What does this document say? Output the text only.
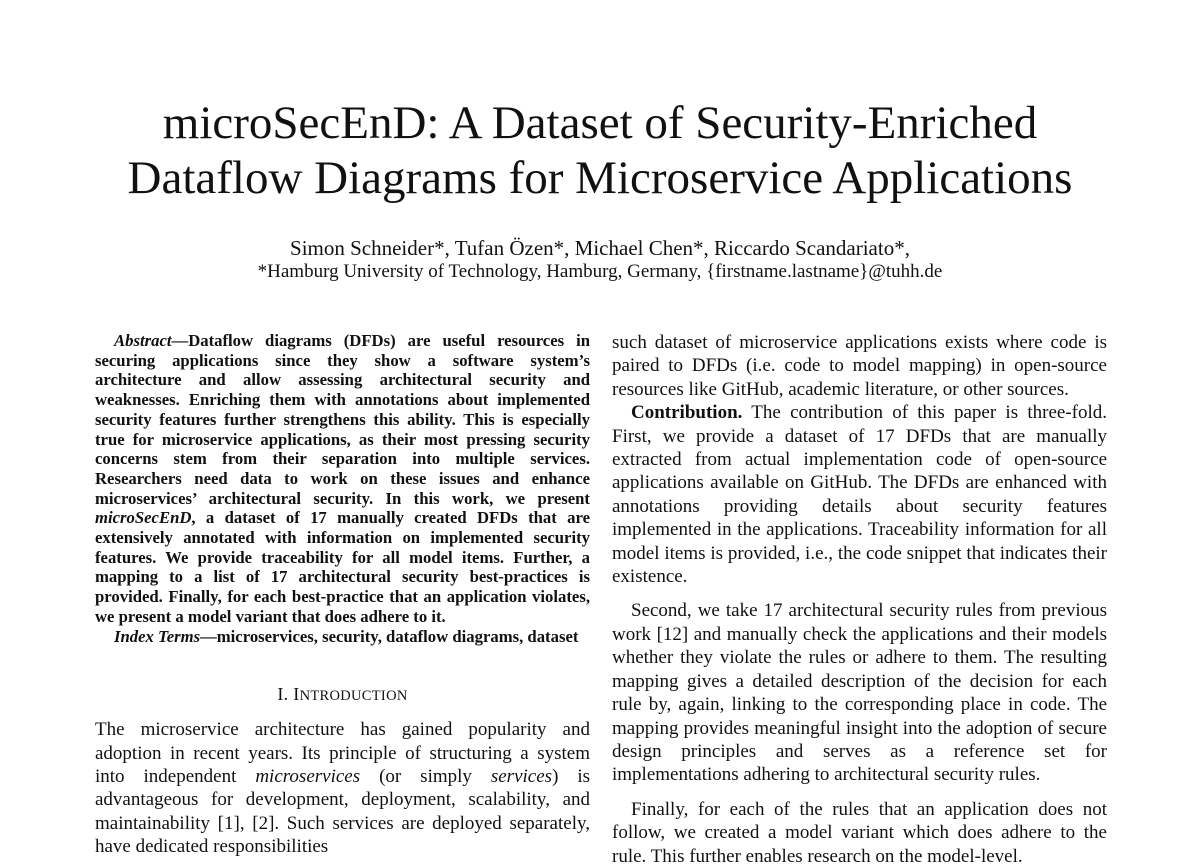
microSecEnD: A Dataset of Security-Enriched
Dataflow Diagrams for Microservice Applications
Simon Schneider*, Tufan Özen*, Michael Chen*, Riccardo Scandariato*,
*Hamburg University of Technology, Hamburg, Germany, {firstname.lastname}@tuhh.de

Abstract—Dataflow diagrams (DFDs) are useful resources in securing applications since they show a software system’s architecture and allow assessing architectural security and weaknesses. Enriching them with annotations about implemented security features further strengthens this ability. This is especially true for microservice applications, as their most pressing security concerns stem from their separation into multiple services. Researchers need data to work on these issues and enhance microservices’ architectural security. In this work, we present microSecEnD, a dataset of 17 manually created DFDs that are extensively annotated with information on implemented security features. We provide traceability for all model items. Further, a mapping to a list of 17 architectural security best-practices is provided. Finally, for each best-practice that an application violates, we present a model variant that does adhere to it.

Index Terms—microservices, security, dataflow diagrams, dataset

I. INTRODUCTION

The microservice architecture has gained popularity and adoption in recent years. Its principle of structuring a system into independent microservices (or simply services) is advantageous for development, deployment, scalability, and maintainability [1], [2]. Such services are deployed separately, have dedicated responsibilities

such dataset of microservice applications exists where code is paired to DFDs (i.e. code to model mapping) in open-source resources like GitHub, academic literature, or other sources.

Contribution. The contribution of this paper is three-fold. First, we provide a dataset of 17 DFDs that are manually extracted from actual implementation code of open-source applications available on GitHub. The DFDs are enhanced with annotations providing details about security features implemented in the applications. Traceability information for all model items is provided, i.e., the code snippet that indicates their existence.

Second, we take 17 architectural security rules from previous work [12] and manually check the applications and their models whether they violate the rules or adhere to them. The resulting mapping gives a detailed description of the decision for each rule by, again, linking to the corresponding place in code. The mapping provides meaningful insight into the adoption of secure design principles and serves as a reference set for implementations adhering to architectural security rules.

Finally, for each of the rules that an application does not follow, we created a model variant which does adhere to the rule. This further enables research on the model-level.
